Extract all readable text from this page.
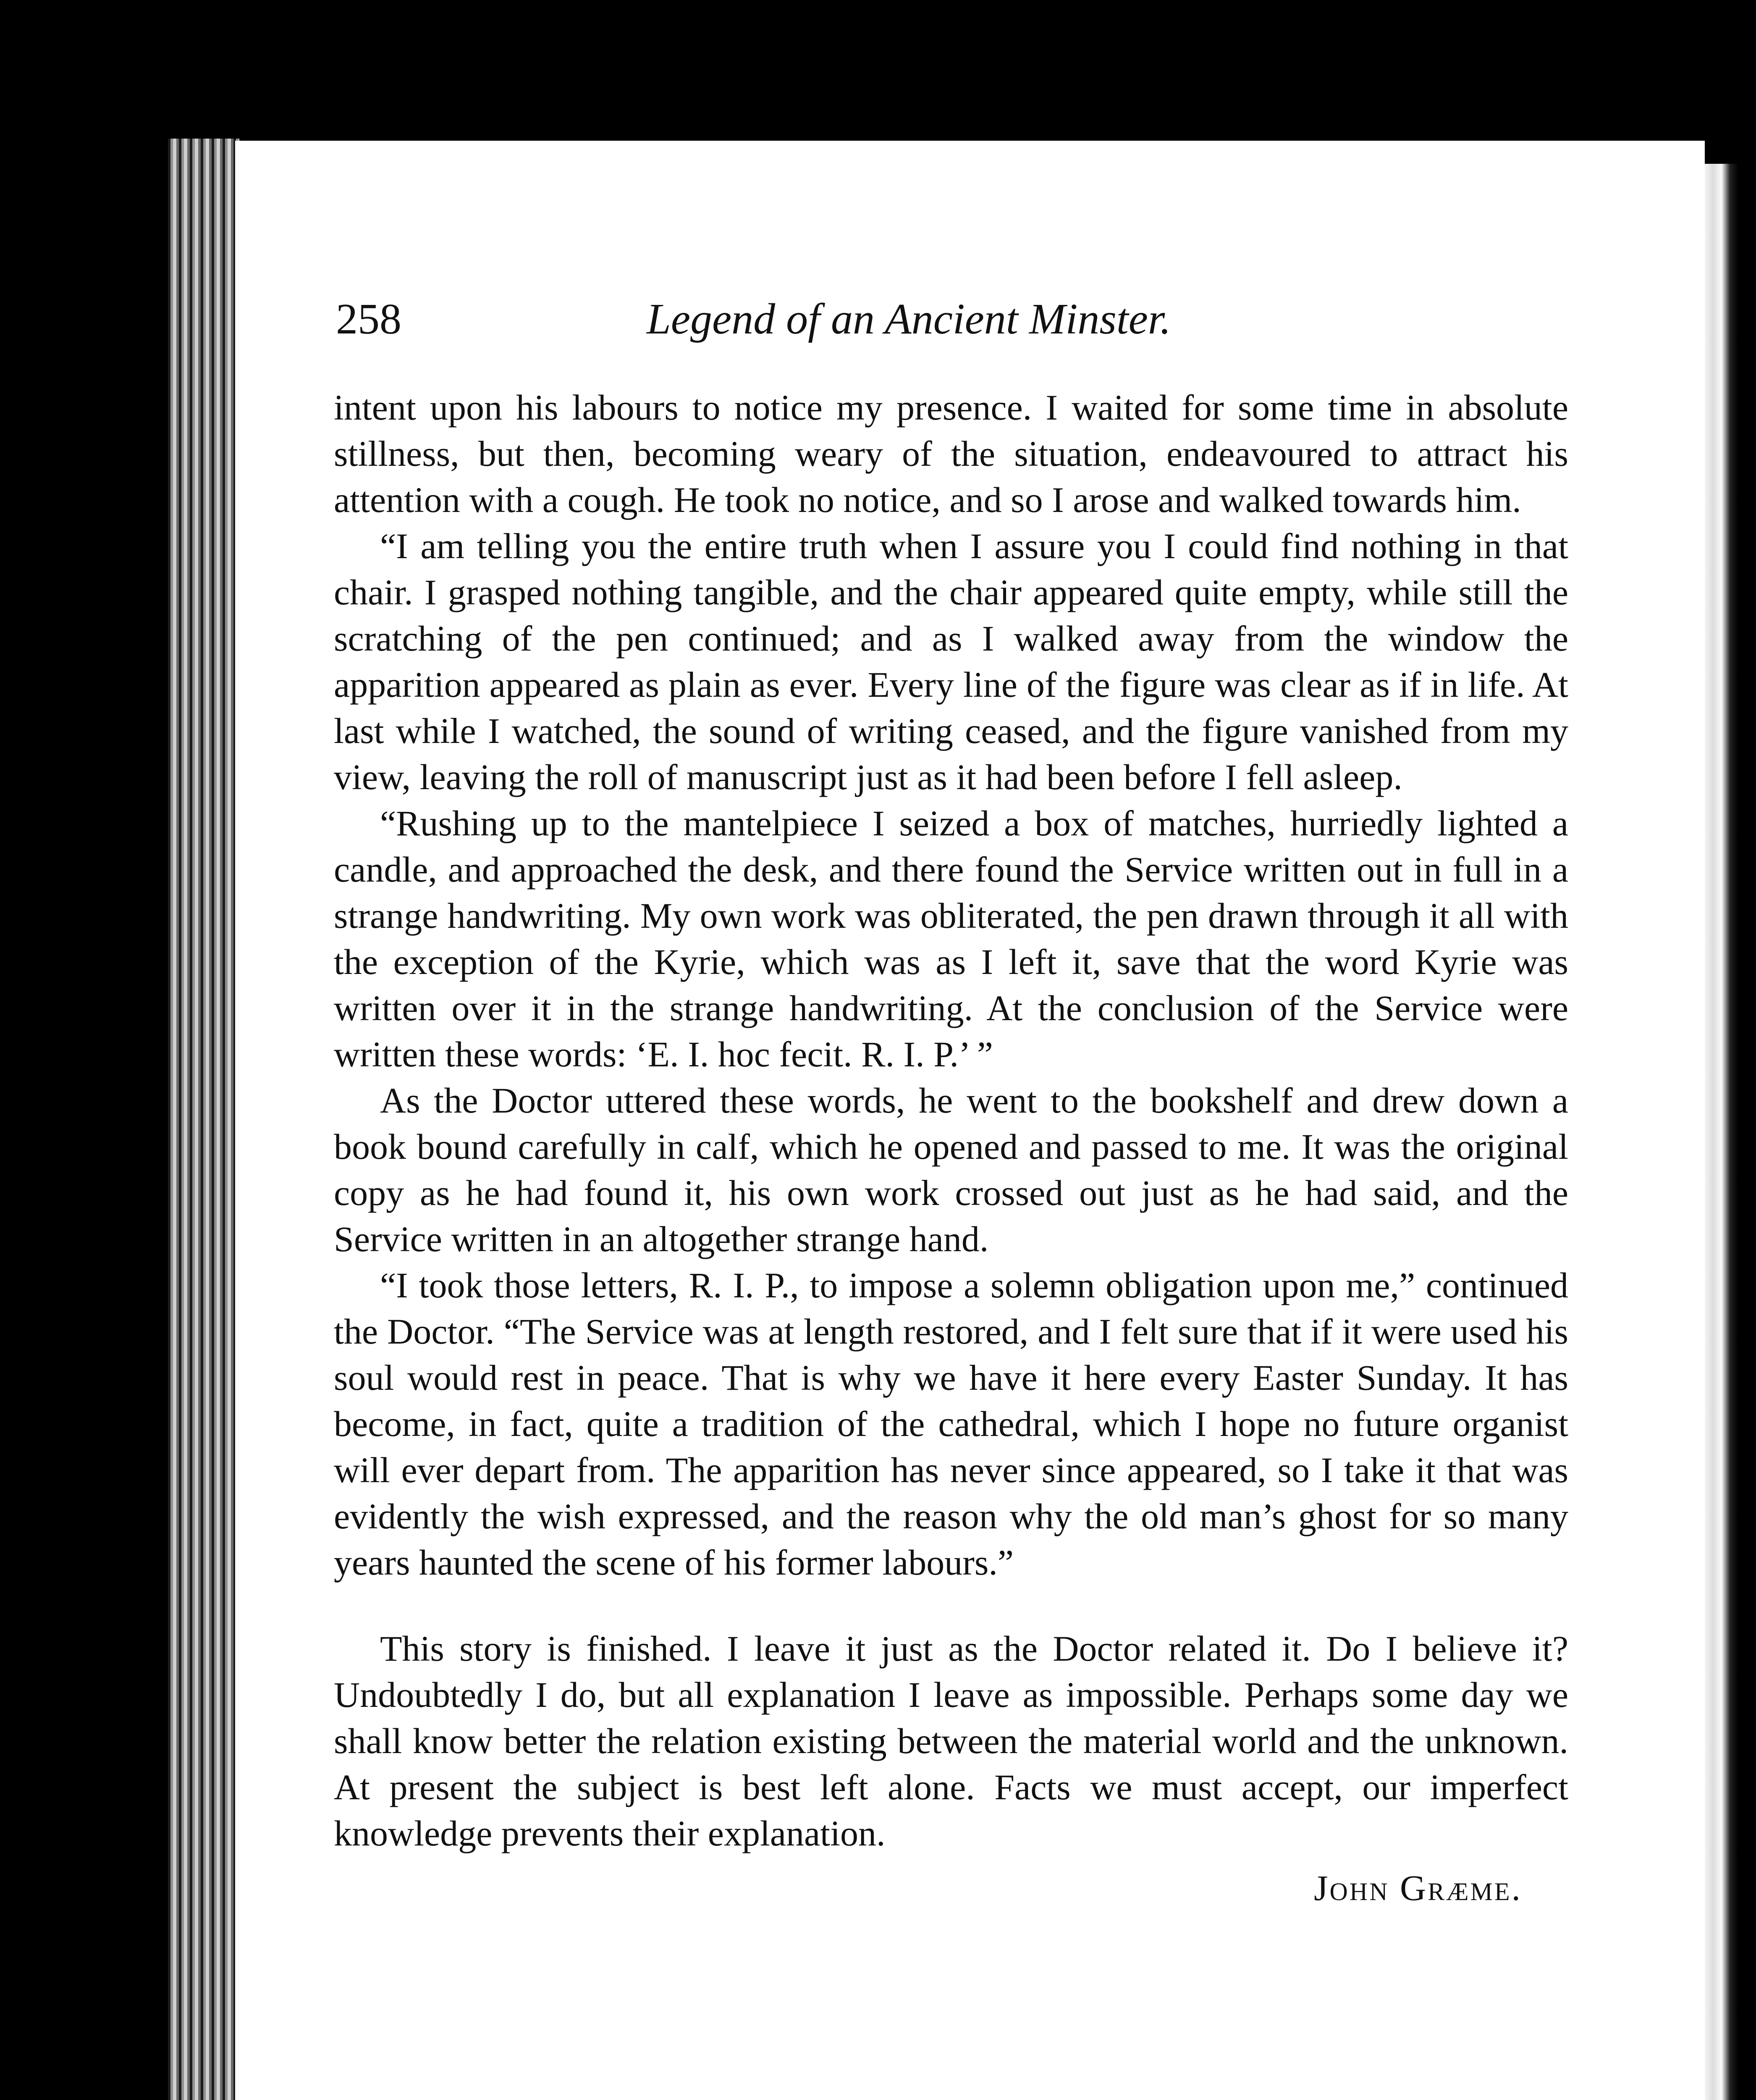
258	Legend of an Ancient Minster.

intent upon his labours to notice my presence. I waited for some time in absolute stillness, but then, becoming weary of the situation, endeavoured to attract his attention with a cough. He took no notice, and so I arose and walked towards him.

“I am telling you the entire truth when I assure you I could find nothing in that chair. I grasped nothing tangible, and the chair appeared quite empty, while still the scratching of the pen continued; and as I walked away from the window the apparition appeared as plain as ever. Every line of the figure was clear as if in life. At last while I watched, the sound of writing ceased, and the figure vanished from my view, leaving the roll of manuscript just as it had been before I fell asleep.

“Rushing up to the mantelpiece I seized a box of matches, hurriedly lighted a candle, and approached the desk, and there found the Service written out in full in a strange handwriting. My own work was obliterated, the pen drawn through it all with the exception of the Kyrie, which was as I left it, save that the word Kyrie was written over it in the strange handwriting. At the conclusion of the Service were written these words: ‘E. I. hoc fecit. R. I. P.’ ”

As the Doctor uttered these words, he went to the bookshelf and drew down a book bound carefully in calf, which he opened and passed to me. It was the original copy as he had found it, his own work crossed out just as he had said, and the Service written in an altogether strange hand.

“I took those letters, R. I. P., to impose a solemn obligation upon me,” continued the Doctor. “The Service was at length restored, and I felt sure that if it were used his soul would rest in peace. That is why we have it here every Easter Sunday. It has become, in fact, quite a tradition of the cathedral, which I hope no future organist will ever depart from. The apparition has never since appeared, so I take it that was evidently the wish expressed, and the reason why the old man’s ghost for so many years haunted the scene of his former labours.”

This story is finished. I leave it just as the Doctor related it. Do I believe it? Undoubtedly I do, but all explanation I leave as impossible. Perhaps some day we shall know better the relation existing between the material world and the unknown. At present the subject is best left alone. Facts we must accept, our imperfect knowledge prevents their explanation.

John Græme.
